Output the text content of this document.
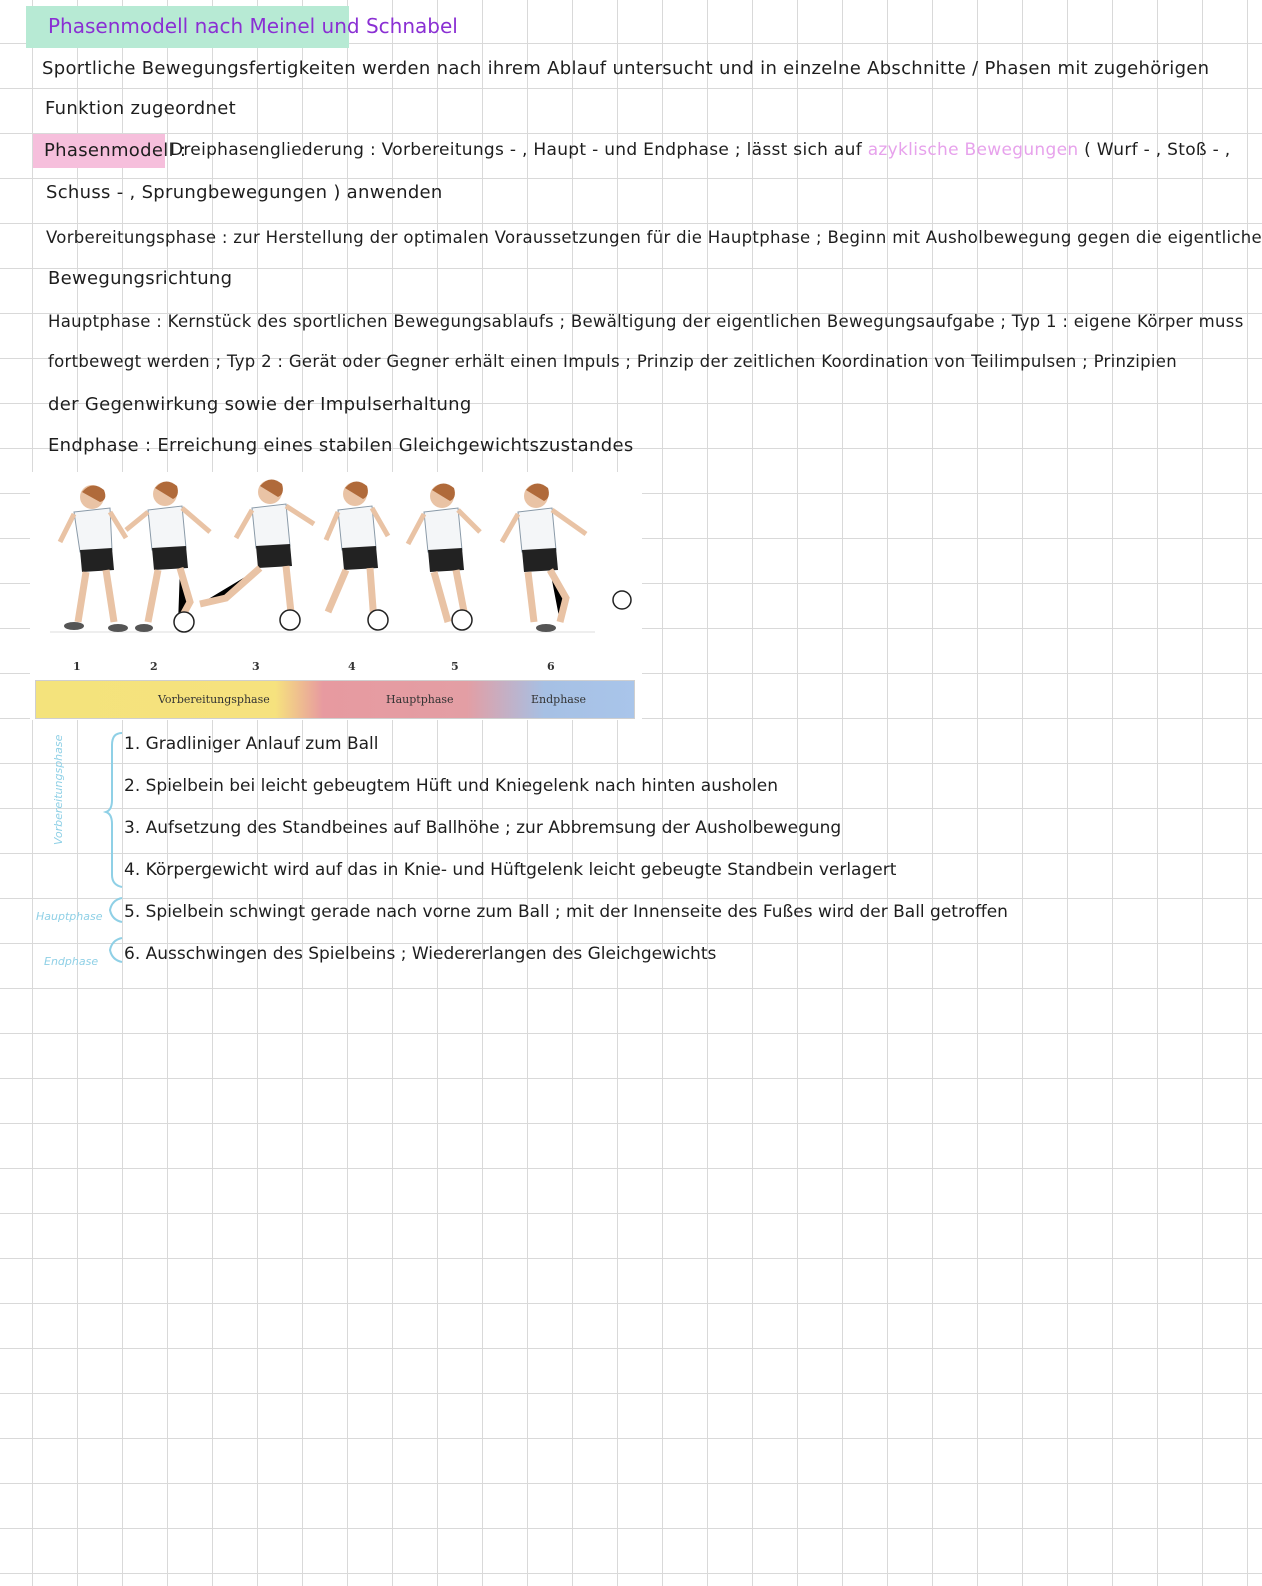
Phasenmodell nach Meinel und Schnabel
Sportliche Bewegungsfertigkeiten werden nach ihrem Ablauf untersucht und in einzelne Abschnitte / Phasen mit zugehörigen
Funktion zugeordnet
Phasenmodell :
Dreiphasengliederung : Vorbereitungs - , Haupt - und Endphase ; lässt sich auf azyklische Bewegungen ( Wurf - , Stoß - ,
Schuss - , Sprungbewegungen ) anwenden
Vorbereitungsphase : zur Herstellung der optimalen Voraussetzungen für die Hauptphase ; Beginn mit Ausholbewegung gegen die eigentliche
Bewegungsrichtung
Hauptphase : Kernstück des sportlichen Bewegungsablaufs ; Bewältigung der eigentlichen Bewegungsaufgabe ; Typ 1 : eigene Körper muss
fortbewegt werden ; Typ 2 : Gerät oder Gegner erhält einen Impuls ; Prinzip der zeitlichen Koordination von Teilimpulsen ; Prinzipien
der Gegenwirkung sowie der Impulserhaltung
Endphase : Erreichung eines stabilen Gleichgewichtszustandes
1	2	3	4	5	6
Vorbereitungsphase	Hauptphase	Endphase
Vorbereitungsphase
Hauptphase
Endphase
1. Gradliniger Anlauf zum Ball
2. Spielbein bei leicht gebeugtem Hüft und Kniegelenk nach hinten ausholen
3. Aufsetzung des Standbeines auf Ballhöhe ; zur Abbremsung der Ausholbewegung
4. Körpergewicht wird auf das in Knie- und Hüftgelenk leicht gebeugte Standbein verlagert
5. Spielbein schwingt gerade nach vorne zum Ball ; mit der Innenseite des Fußes wird der Ball getroffen
6. Ausschwingen des Spielbeins ; Wiedererlangen des Gleichgewichts
